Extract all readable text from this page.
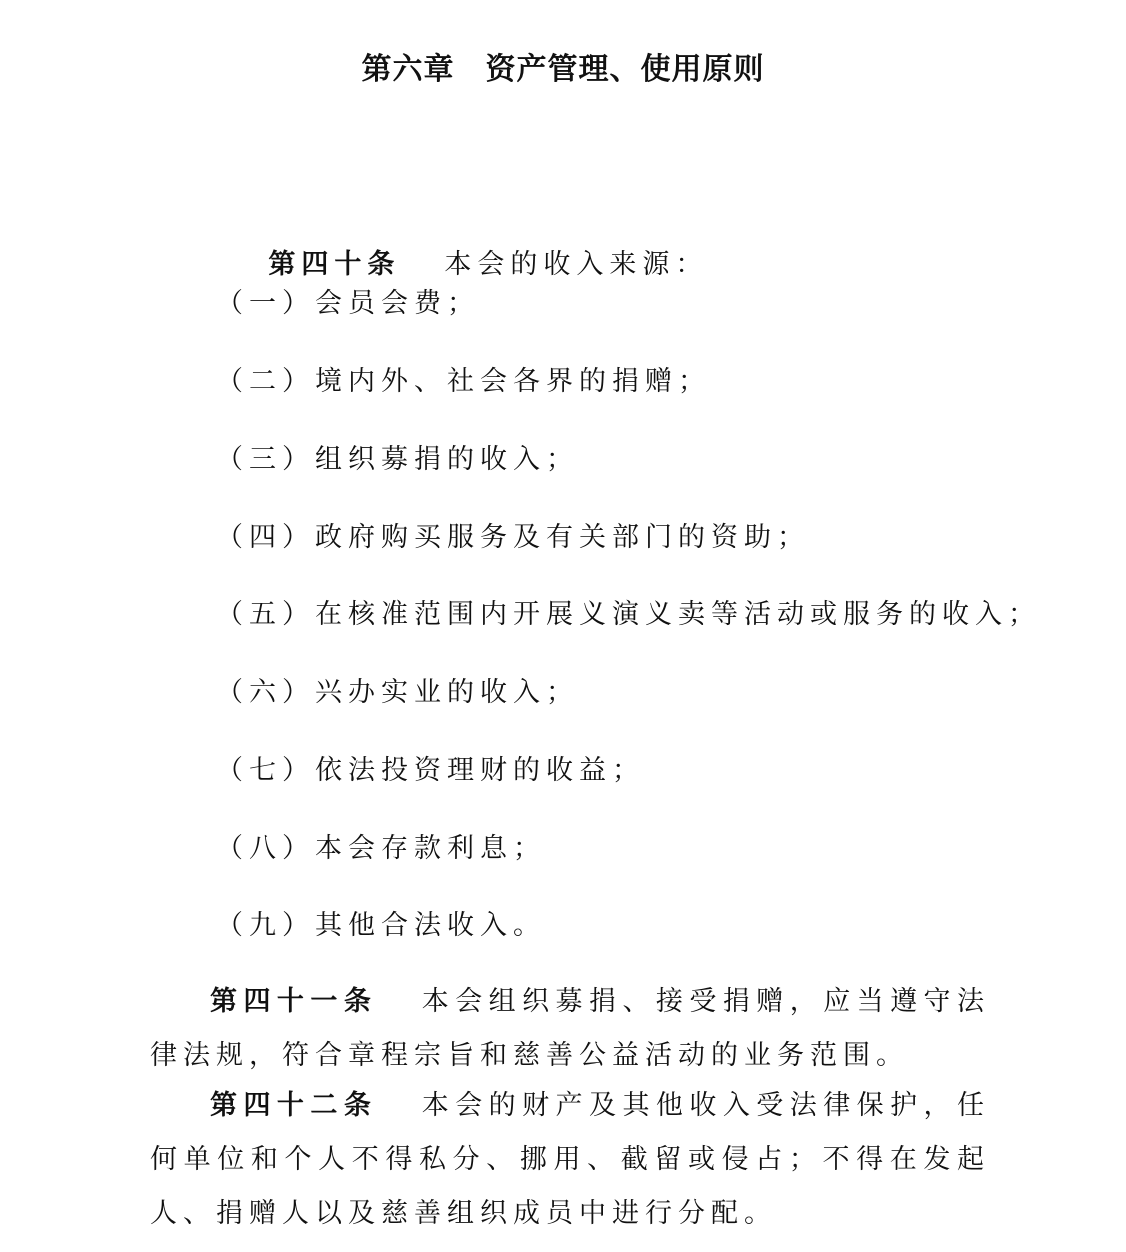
第六章　资产管理、使用原则

第四十条 本会的收入来源：

（一）会员会费；
（二）境内外、社会各界的捐赠；
（三）组织募捐的收入；
（四）政府购买服务及有关部门的资助；
（五）在核准范围内开展义演义卖等活动或服务的收入；
（六）兴办实业的收入；
（七）依法投资理财的收益；
（八）本会存款利息；
（九）其他合法收入。
第四十一条 本会组织募捐、接受捐赠，应当遵守法律法规，符合章程宗旨和慈善公益活动的业务范围。
第四十二条 本会的财产及其他收入受法律保护，任何单位和个人不得私分、挪用、截留或侵占；不得在发起人、捐赠人以及慈善组织成员中进行分配。
